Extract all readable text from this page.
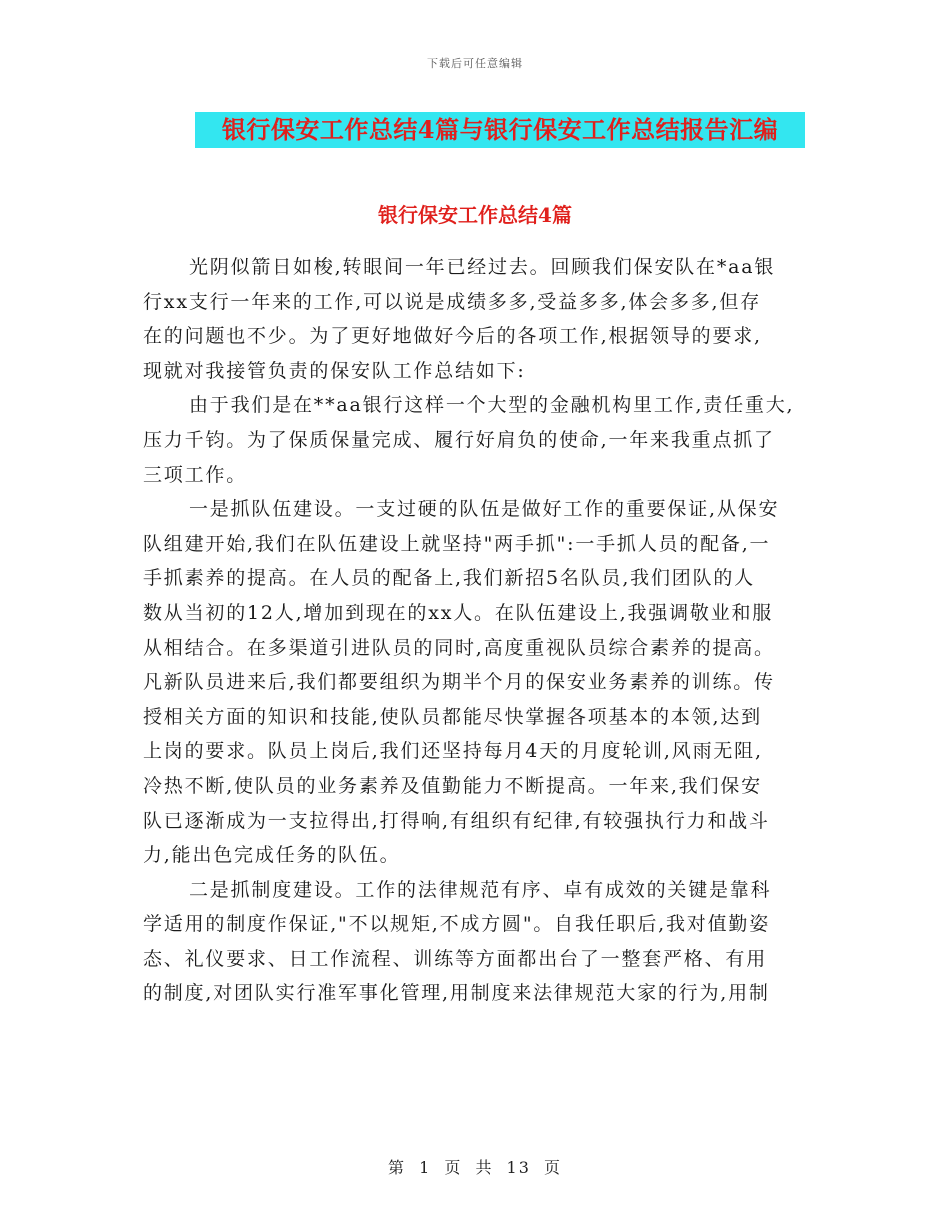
下载后可任意编辑
银行保安工作总结4篇与银行保安工作总结报告汇编
银行保安工作总结4篇
光阴似箭日如梭,转眼间一年已经过去。回顾我们保安队在*aa银
行xx支行一年来的工作,可以说是成绩多多,受益多多,体会多多,但存
在的问题也不少。为了更好地做好今后的各项工作,根据领导的要求,
现就对我接管负责的保安队工作总结如下:
由于我们是在**aa银行这样一个大型的金融机构里工作,责任重大,
压力千钧。为了保质保量完成、履行好肩负的使命,一年来我重点抓了
三项工作。
一是抓队伍建设。一支过硬的队伍是做好工作的重要保证,从保安
队组建开始,我们在队伍建设上就坚持"两手抓":一手抓人员的配备,一
手抓素养的提高。在人员的配备上,我们新招5名队员,我们团队的人
数从当初的12人,增加到现在的xx人。在队伍建设上,我强调敬业和服
从相结合。在多渠道引进队员的同时,高度重视队员综合素养的提高。
凡新队员进来后,我们都要组织为期半个月的保安业务素养的训练。传
授相关方面的知识和技能,使队员都能尽快掌握各项基本的本领,达到
上岗的要求。队员上岗后,我们还坚持每月4天的月度轮训,风雨无阻,
冷热不断,使队员的业务素养及值勤能力不断提高。一年来,我们保安
队已逐渐成为一支拉得出,打得响,有组织有纪律,有较强执行力和战斗
力,能出色完成任务的队伍。
二是抓制度建设。工作的法律规范有序、卓有成效的关键是靠科
学适用的制度作保证,"不以规矩,不成方圆"。自我任职后,我对值勤姿
态、礼仪要求、日工作流程、训练等方面都出台了一整套严格、有用
的制度,对团队实行准军事化管理,用制度来法律规范大家的行为,用制
第 1 页 共 13 页
